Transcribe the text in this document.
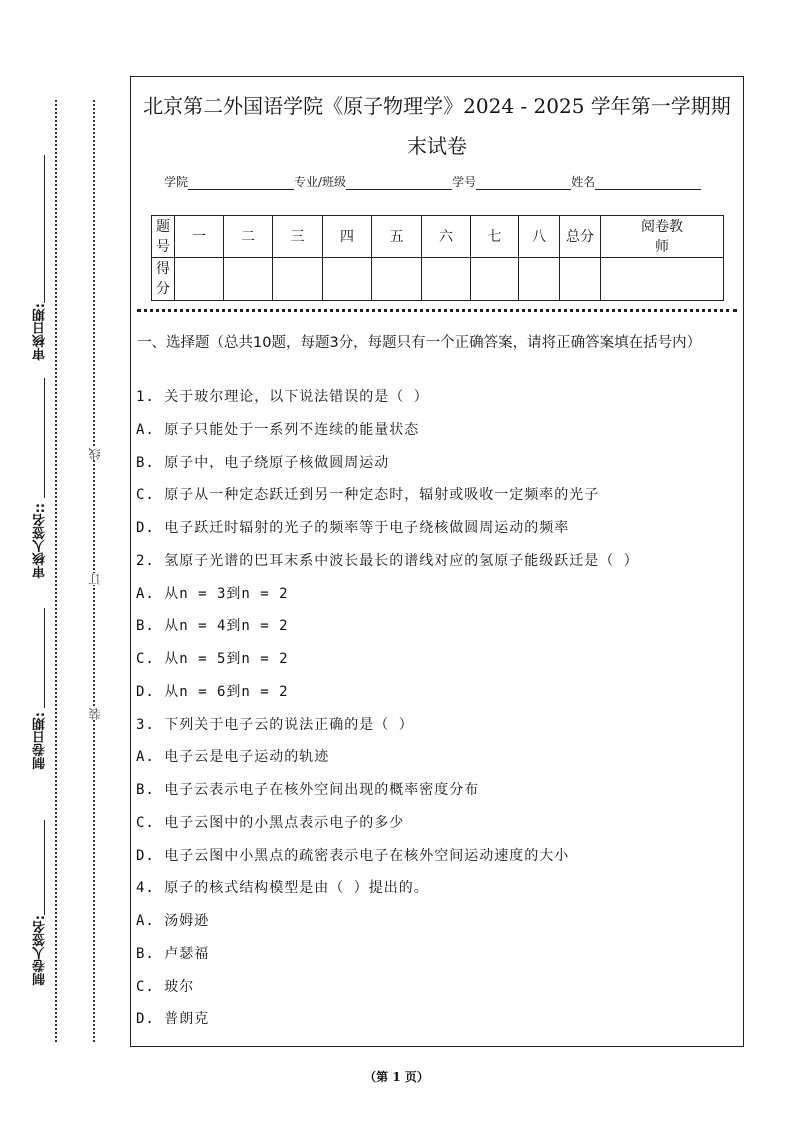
北京第二外国语学院《原子物理学》2024 - 2025 学年第一学期期
末试卷
学院	专业/班级	学号	姓名
题号	一	二	三	四	五	六	七	八	总分	阅卷教师
得分										
一、选择题（总共10题，每题3分，每题只有一个正确答案，请将正确答案填在括号内）
1. 关于玻尔理论，以下说法错误的是（ ）
A. 原子只能处于一系列不连续的能量状态
B. 原子中，电子绕原子核做圆周运动
C. 原子从一种定态跃迁到另一种定态时，辐射或吸收一定频率的光子
D. 电子跃迁时辐射的光子的频率等于电子绕核做圆周运动的频率
2. 氢原子光谱的巴耳末系中波长最长的谱线对应的氢原子能级跃迁是（ ）
A. 从n = 3到n = 2
B. 从n = 4到n = 2
C. 从n = 5到n = 2
D. 从n = 6到n = 2
3. 下列关于电子云的说法正确的是（ ）
A. 电子云是电子运动的轨迹
B. 电子云表示电子在核外空间出现的概率密度分布
C. 电子云图中的小黑点表示电子的多少
D. 电子云图中小黑点的疏密表示电子在核外空间运动速度的大小
4. 原子的核式结构模型是由（ ）提出的。
A. 汤姆逊
B. 卢瑟福
C. 玻尔
D. 普朗克
审核日期:
审核人签名::
制卷日期:
制卷人签名:
线
订
装
（第 1 页）
